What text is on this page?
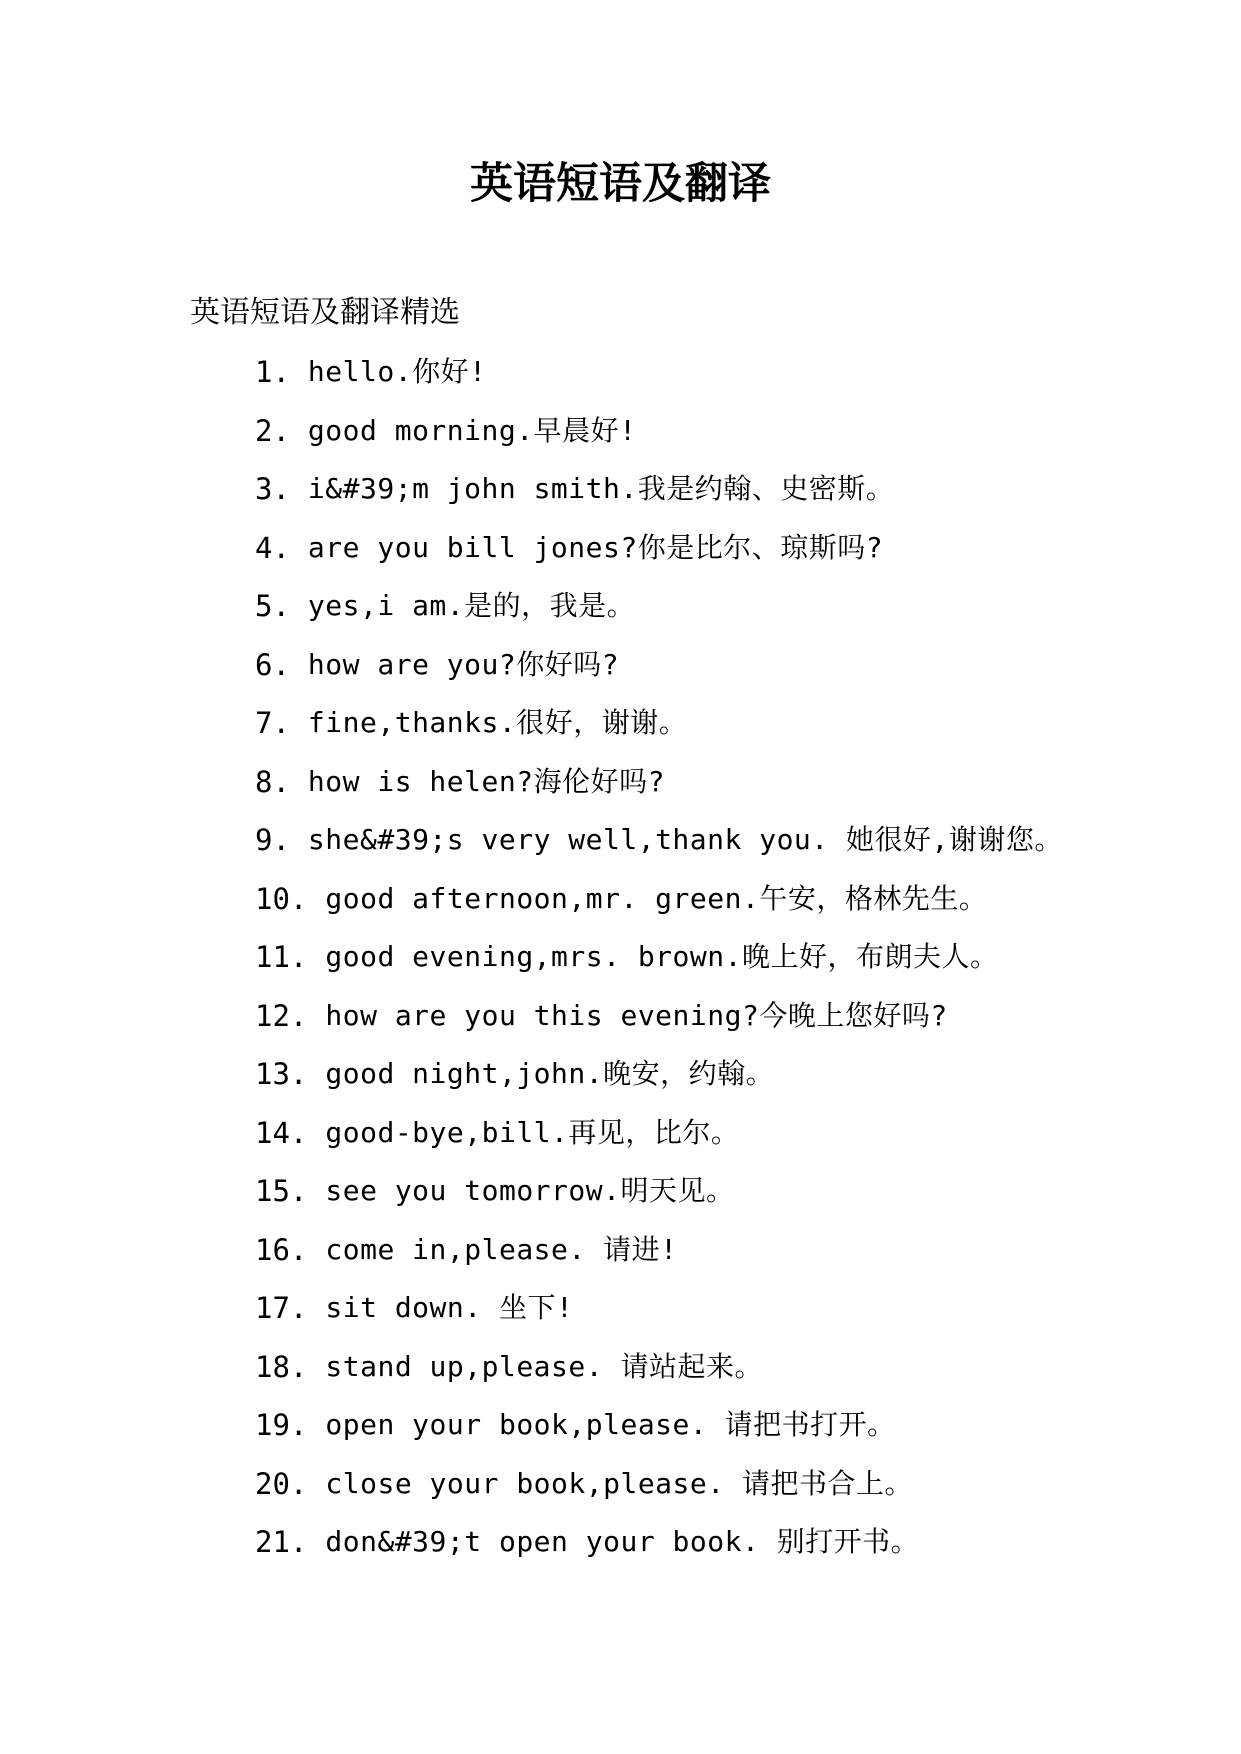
英语短语及翻译
英语短语及翻译精选
1. hello.你好!
2. good morning.早晨好!
3. i&#39;m john smith.我是约翰、史密斯。
4. are you bill jones?你是比尔、琼斯吗?
5. yes,i am.是的，我是。
6. how are you?你好吗?
7. fine,thanks.很好，谢谢。
8. how is helen?海伦好吗?
9. she&#39;s very well,thank you. 她很好,谢谢您。
10. good afternoon,mr. green.午安，格林先生。
11. good evening,mrs. brown.晚上好，布朗夫人。
12. how are you this evening?今晚上您好吗?
13. good night,john.晚安，约翰。
14. good-bye,bill.再见，比尔。
15. see you tomorrow.明天见。
16. come in,please. 请进!
17. sit down. 坐下!
18. stand up,please. 请站起来。
19. open your book,please. 请把书打开。
20. close your book,please. 请把书合上。
21. don&#39;t open your book. 别打开书。
